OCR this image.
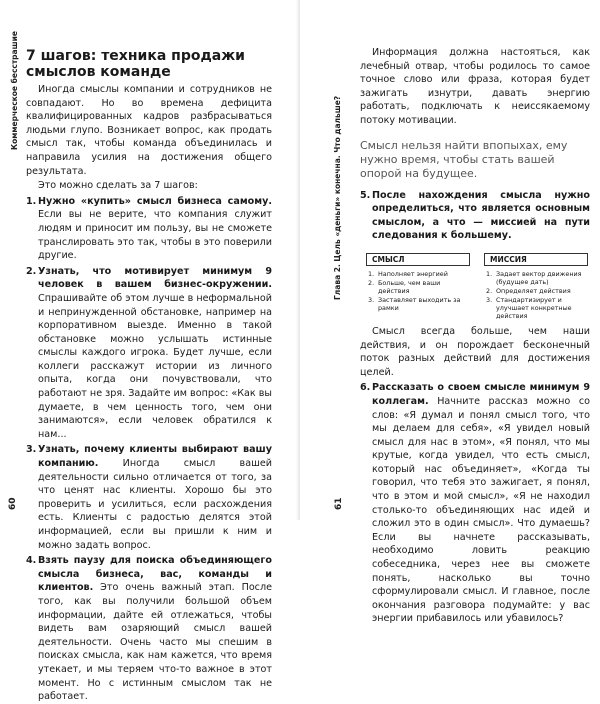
Коммерческое бесстрашие
60
7 шагов: техника продажи смыслов команде

Иногда смыслы компании и сотрудников не совпадают. Но во времена дефицита квалифицированных кадров разбрасываться людьми глупо. Возникает вопрос, как продать смысл так, чтобы команда объединилась и направила усилия на достижения общего результата.

Это можно сделать за 7 шагов:

1. Нужно «купить» смысл бизнеса самому. Если вы не верите, что компания служит людям и приносит им пользу, вы не сможете транслировать это так, чтобы в это поверили другие.
2. Узнать, что мотивирует минимум 9 человек в вашем бизнес-окружении. Спрашивайте об этом лучше в неформальной и непринужденной обстановке, например на корпоративном выезде. Именно в такой обстановке можно услышать истинные смыслы каждого игрока. Будет лучше, если коллеги расскажут истории из личного опыта, когда они почувствовали, что работают не зря. Задайте им вопрос: «Как вы думаете, в чем ценность того, чем они занимаются», если человек обратился к нам...
3. Узнать, почему клиенты выбирают вашу компанию. Иногда смысл вашей деятельности сильно отличается от того, за что ценят нас клиенты. Хорошо бы это проверить и усилиться, если расхождения есть. Клиенты с радостью делятся этой информацией, если вы пришли к ним и можно задать вопрос.
4. Взять паузу для поиска объединяющего смысла бизнеса, вас, команды и клиентов. Это очень важный этап. После того, как вы получили большой объем информации, дайте ей отлежаться, чтобы видеть вам озаряющий смысл вашей деятельности. Очень часто мы спешим в поисках смысла, как нам кажется, что время утекает, и мы теряем что-то важное в этот момент. Но с истинным смыслом так не работает.
Глава 2. Цель «деньги» конечна. Что дальше?
61

Информация должна настояться, как лечебный отвар, чтобы родилось то самое точное слово или фраза, которая будет зажигать изнутри, давать энергию работать, подключать к неиссякаемому потоку мотивации.

Смысл нельзя найти впопыхах, ему нужно время, чтобы стать вашей опорой на будущее.
5. После нахождения смысла нужно определиться, что является основным смыслом, а что — миссией на пути следования к большему.
СМЫСЛ
1. Наполняет энергией
2. Больше, чем ваши действия
3. Заставляет выходить за рамки
МИССИЯ
1. Задает вектор движения (будущее дать)
2. Определяет действия
3. Стандартизирует и улучшает конкретные действия

Смысл всегда больше, чем наши действия, и он порождает бесконечный поток разных действий для достижения целей.

6. Рассказать о своем смысле минимум 9 коллегам. Начните рассказ можно со слов: «Я думал и понял смысл того, что мы делаем для себя», «Я увидел новый смысл для нас в этом», «Я понял, что мы крутые, когда увидел, что есть смысл, который нас объединяет», «Когда ты говорил, что тебя это зажигает, я понял, что в этом и мой смысл», «Я не находил столько-то объединяющих нас идей и сложил это в один смысл». Что думаешь? Если вы начнете рассказывать, необходимо ловить реакцию собеседника, через нее вы сможете понять, насколько вы точно сформулировали смысл. И главное, после окончания разговора подумайте: у вас энергии прибавилось или убавилось?
